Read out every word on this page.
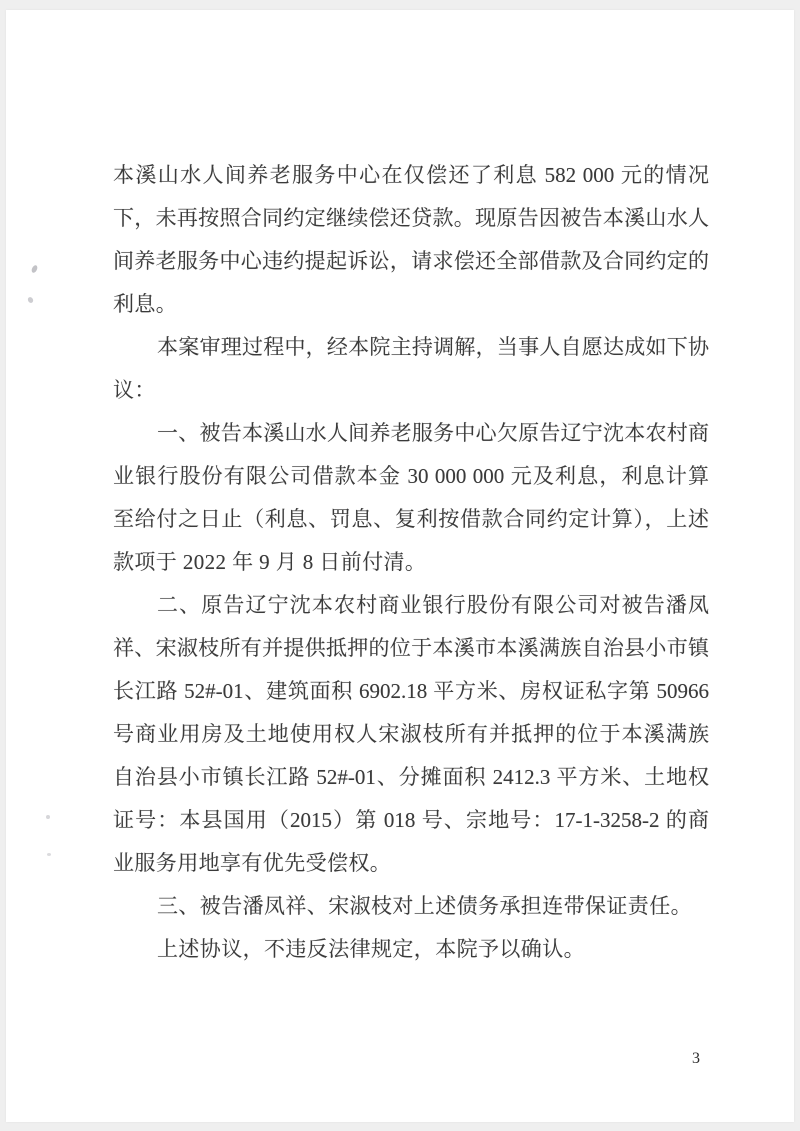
本溪山水人间养老服务中心在仅偿还了利息 582 000 元的情况
下，未再按照合同约定继续偿还贷款。现原告因被告本溪山水人
间养老服务中心违约提起诉讼，请求偿还全部借款及合同约定的
利息。
本案审理过程中，经本院主持调解，当事人自愿达成如下协
议：
一、被告本溪山水人间养老服务中心欠原告辽宁沈本农村商
业银行股份有限公司借款本金 30 000 000 元及利息，利息计算
至给付之日止（利息、罚息、复利按借款合同约定计算），上述
款项于 2022 年 9 月 8 日前付清。
二、原告辽宁沈本农村商业银行股份有限公司对被告潘凤
祥、宋淑枝所有并提供抵押的位于本溪市本溪满族自治县小市镇
长江路 52#-01、建筑面积 6902.18 平方米、房权证私字第 50966
号商业用房及土地使用权人宋淑枝所有并抵押的位于本溪满族
自治县小市镇长江路 52#-01、分摊面积 2412.3 平方米、土地权
证号：本县国用（2015）第 018 号、宗地号：17-1-3258-2 的商
业服务用地享有优先受偿权。
三、被告潘凤祥、宋淑枝对上述债务承担连带保证责任。
上述协议，不违反法律规定，本院予以确认。
3
